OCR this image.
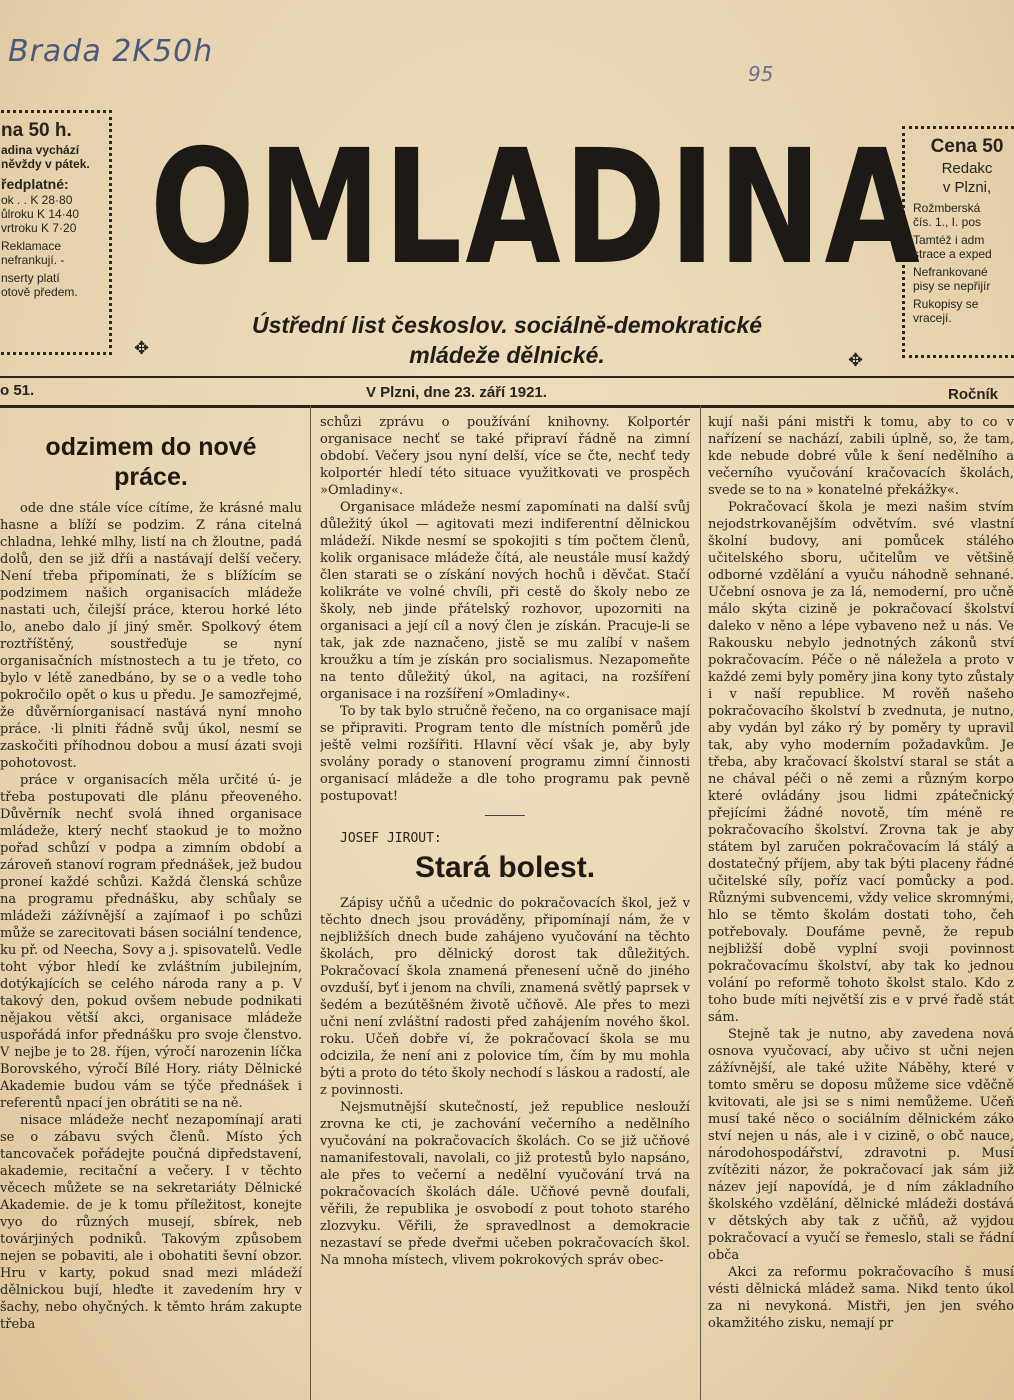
Brada 2K50h
95
na 50 h.

adina vychází
něvždy v pátek.

ředplatné:

ok . . K 28·80

ůlroku K 14·40

vrtroku K 7·20

Reklamace
nefrankují. -

nserty platí
otově předem.

Cena 50

Redakc
v Plzni,

Rožmberská
čís. 1., I. pos

Tamtéž i adm
strace a exped

Nefrankované
pisy se nepřijír

Rukopisy se
vracejí.

OMLADINA
Ústřední list českoslov. sociálně-demokratické
mládeže dělnické.
✥
✥
o 51.	V Plzni, dne 23. září 1921.	Ročník
odzimem do nové
práce.

ode dne stále více cítíme, že krásné malu hasne a blíží se podzim. Z rána citelná chladna, lehké mlhy, listí na ch žloutne, padá dolů, den se již dříi a nastávají delší večery. Není třeba připomínati, že s blížícím se podzimem našich organisacích mládeže nastati uch, čilejší práce, kterou horké léto lo, anebo dalo jí jiný směr. Spolkový étem roztříštěný, soustřeďuje se nyní organisačních místnostech a tu je třeto, co bylo v létě zanedbáno, by se o a vedle toho pokročilo opět o kus u předu. Je samozřejmé, že důvěrníorganisací nastává nyní mnoho práce. ·li plniti řádně svůj úkol, nesmí se zaskočiti příhodnou dobou a musí ázati svoji pohotovost.

práce v organisacích měla určité ú- je třeba postupovati dle plánu přeoveného. Důvěrník nechť svolá ihned organisace mládeže, který nechť staokud je to možno pořad schůzí v podpa a zimním období a zároveň stanoví rogram přednášek, jež budou proneí každé schůzi. Každá členská schůze na programu přednášku, aby schůaly se mládeži zážívnější a zajímaof i po schůzi může se zarecitovati básen sociální tendence, ku př. od Neecha, Sovy a j. spisovatelů. Vedle toht výbor hledí ke zvláštním jubilejním, dotýkajících se celého národa rany a p. V takový den, pokud ovšem nebude podnikati nějakou větší akci, organisace mládeže uspořádá infor přednášku pro svoje členstvo. V nejbe je to 28. říjen, výročí narozenin líčka Borovského, výročí Bílé Hory. riáty Dělnické Akademie budou vám se týče přednášek i referentů npací jen obrátiti se na ně.

nisace mládeže nechť nezapomínají arati se o zábavu svých členů. Místo ých tancovaček pořádejte poučná dipředstavení, akademie, recitační a večery. I v těchto věcech můžete se na sekretariáty Dělnické Akademie. de je k tomu příležitost, konejte vyo do různých musejí, sbírek, neb továrjiných podniků. Takovým způsobem nejen se pobaviti, ale i obohatiti ševní obzor. Hru v karty, pokud snad mezi mládeží dělnickou bují, hleďte it zavedením hry v šachy, nebo ohyčných. k těmto hrám zakupte třeba

schůzi zprávu o používání knihovny. Kolportér organisace nechť se také připraví řádně na zimní období. Večery jsou nyní delší, více se čte, nechť tedy kolportér hledí této situace využitkovati ve prospěch »Omladiny«.

Organisace mládeže nesmí zapomínati na další svůj důležitý úkol — agitovati mezi indiferentní dělnickou mládeží. Nikde nesmí se spokojiti s tím počtem členů, kolik organisace mládeže čítá, ale neustále musí každý člen starati se o získání nových hochů i děvčat. Stačí kolikráte ve volné chvíli, při cestě do školy nebo ze školy, neb jinde přátelský rozhovor, upozorniti na organisaci a její cíl a nový člen je získán. Pracuje-li se tak, jak zde naznačeno, jistě se mu zalíbí v našem kroužku a tím je získán pro socialismus. Nezapomeňte na tento důležitý úkol, na agitaci, na rozšíření organisace i na rozšíření »Omladiny«.

To by tak bylo stručně řečeno, na co organisace mají se připraviti. Program tento dle místních poměrů jde ještě velmi rozšířiti. Hlavní věcí však je, aby byly svolány porady o stanovení programu zimní činnosti organisací mládeže a dle toho programu pak pevně postupovat!

JOSEF JIROUT:

Stará bolest.

Zápisy učňů a učednic do pokračovacích škol, jež v těchto dnech jsou prováděny, připomínají nám, že v nejbližších dnech bude zahájeno vyučování na těchto školách, pro dělnický dorost tak důležitých. Pokračovací škola znamená přenesení učně do jiného ovzduší, byť i jenom na chvíli, znamená světlý paprsek v šedém a bezútěšném životě učňově. Ale přes to mezi učni není zvláštní radosti před zahájením nového škol. roku. Učeň dobře ví, že pokračovací škola se mu odcizila, že není ani z polovice tím, čím by mu mohla býti a proto do této školy nechodí s láskou a radostí, ale z povinnosti.

Nejsmutnější skutečností, jež republice neslouží zrovna ke cti, je zachování večerního a nedělního vyučování na pokračovacích školách. Co se již učňové namanifestovali, navolali, co již protestů bylo napsáno, ale přes to večerní a nedělní vyučování trvá na pokračovacích školách dále. Učňové pevně doufali, věřili, že republika je osvobodí z pout tohoto starého zlozvyku. Věřili, že spravedlnost a demokracie nezastaví se přede dveřmi učeben pokračovacích škol. Na mnoha místech, vlivem pokrokových správ obec-

kují naši páni mistři k tomu, aby to co v nařízení se nachází, zabili úplně, so, že tam, kde nebude dobré vůle k šení nedělního a večerního vyučování kračovacích školách, svede se to na » konatelné překážky«.

Pokračovací škola je mezi našim stvím nejodstrkovanějším odvětvím. své vlastní školní budovy, ani pomůcek stálého učitelského sboru, učitelům ve většině odborné vzdělání a vyuču náhodně sehnané. Učební osnova je za lá, nemoderní, pro učně málo skýta cizině je pokračovací školství daleko v něno a lépe vybaveno než u nás. Ve Rakousku nebylo jednotných zákonů ství pokračovacím. Péče o ně náležela a proto v každé zemi byly poměry jina kony tyto zůstaly i v naší republice. M rověň našeho pokračovacího školství b zvednuta, je nutno, aby vydán byl záko rý by poměry ty upravil tak, aby vyho moderním požadavkům. Je třeba, aby kračovací školství staral se stát a ne chával péči o ně zemi a různým korpo které ovládány jsou lidmi zpátečnický přejícími žádné novotě, tím méně re pokračovacího školství. Zrovna tak je aby státem byl zaručen pokračovacím lá stálý a dostatečný příjem, aby tak býti placeny řádné učitelské síly, poříz vací pomůcky a pod. Různými subvencemi, vždy velice skromnými, hlo se těmto školám dostati toho, čeh potřebovaly. Doufáme pevně, že repub nejbližší době vyplní svoji povinnost pokračovacímu školství, aby tak ko jednou volání po reformě tohoto školst stalo. Kdo z toho bude míti největší zis e v prvé řadě stát sám.

Stejně tak je nutno, aby zavedena nová osnova vyučovací, aby učivo st učni nejen zážívnější, ale také užite Náběhy, které v tomto směru se doposu můžeme sice vděčně kvitovati, ale jsi se s nimi nemůžeme. Učeň musí také něco o sociálním dělnickém záko ství nejen u nás, ale i v cizině, o obč nauce, národohospodářství, zdravotni p. Musí zvítěziti názor, že pokračovací jak sám již název její napovídá, je d ním základního školského vzdělání, dělnické mládeži dostává v dětských aby tak z učňů, až vyjdou pokračovací a vyučí se řemeslo, stali se řádní obča

Akci za reformu pokračovacího š musí vésti dělnická mládež sama. Nikd tento úkol za ni nevykoná. Mistři, jen jen svého okamžitého zisku, nemají pr
